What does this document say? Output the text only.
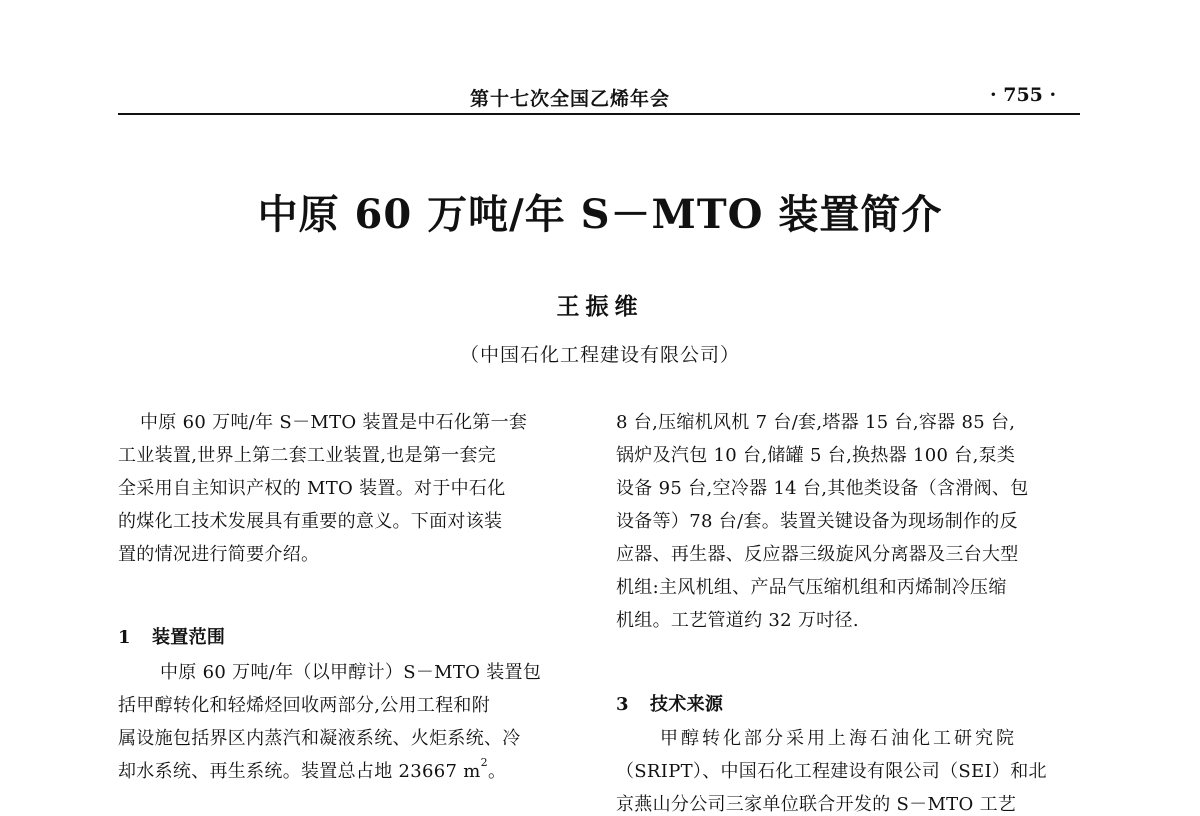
第十七次全国乙烯年会	· 755 ·
中原 60 万吨/年 S－MTO 装置简介
王振维
（中国石化工程建设有限公司）
中原 60 万吨/年 S－MTO 装置是中石化第一套
工业装置,世界上第二套工业装置,也是第一套完
全采用自主知识产权的 MTO 装置。对于中石化
的煤化工技术发展具有重要的意义。下面对该装
置的情况进行简要介绍。
1 装置范围
中原 60 万吨/年（以甲醇计）S－MTO 装置包
括甲醇转化和轻烯烃回收两部分,公用工程和附
属设施包括界区内蒸汽和凝液系统、火炬系统、冷
却水系统、再生系统。装置总占地 23667 $m^2$。
8 台,压缩机风机 7 台/套,塔器 15 台,容器 85 台,
锅炉及汽包 10 台,储罐 5 台,换热器 100 台,泵类
设备 95 台,空冷器 14 台,其他类设备（含滑阀、包
设备等）78 台/套。装置关键设备为现场制作的反
应器、再生器、反应器三级旋风分离器及三台大型
机组:主风机组、产品气压缩机组和丙烯制冷压缩
机组。工艺管道约 32 万吋径.
3 技术来源
甲醇转化部分采用上海石油化工研究院
（SRIPT）、中国石化工程建设有限公司（SEI）和北
京燕山分公司三家单位联合开发的 S－MTO 工艺
